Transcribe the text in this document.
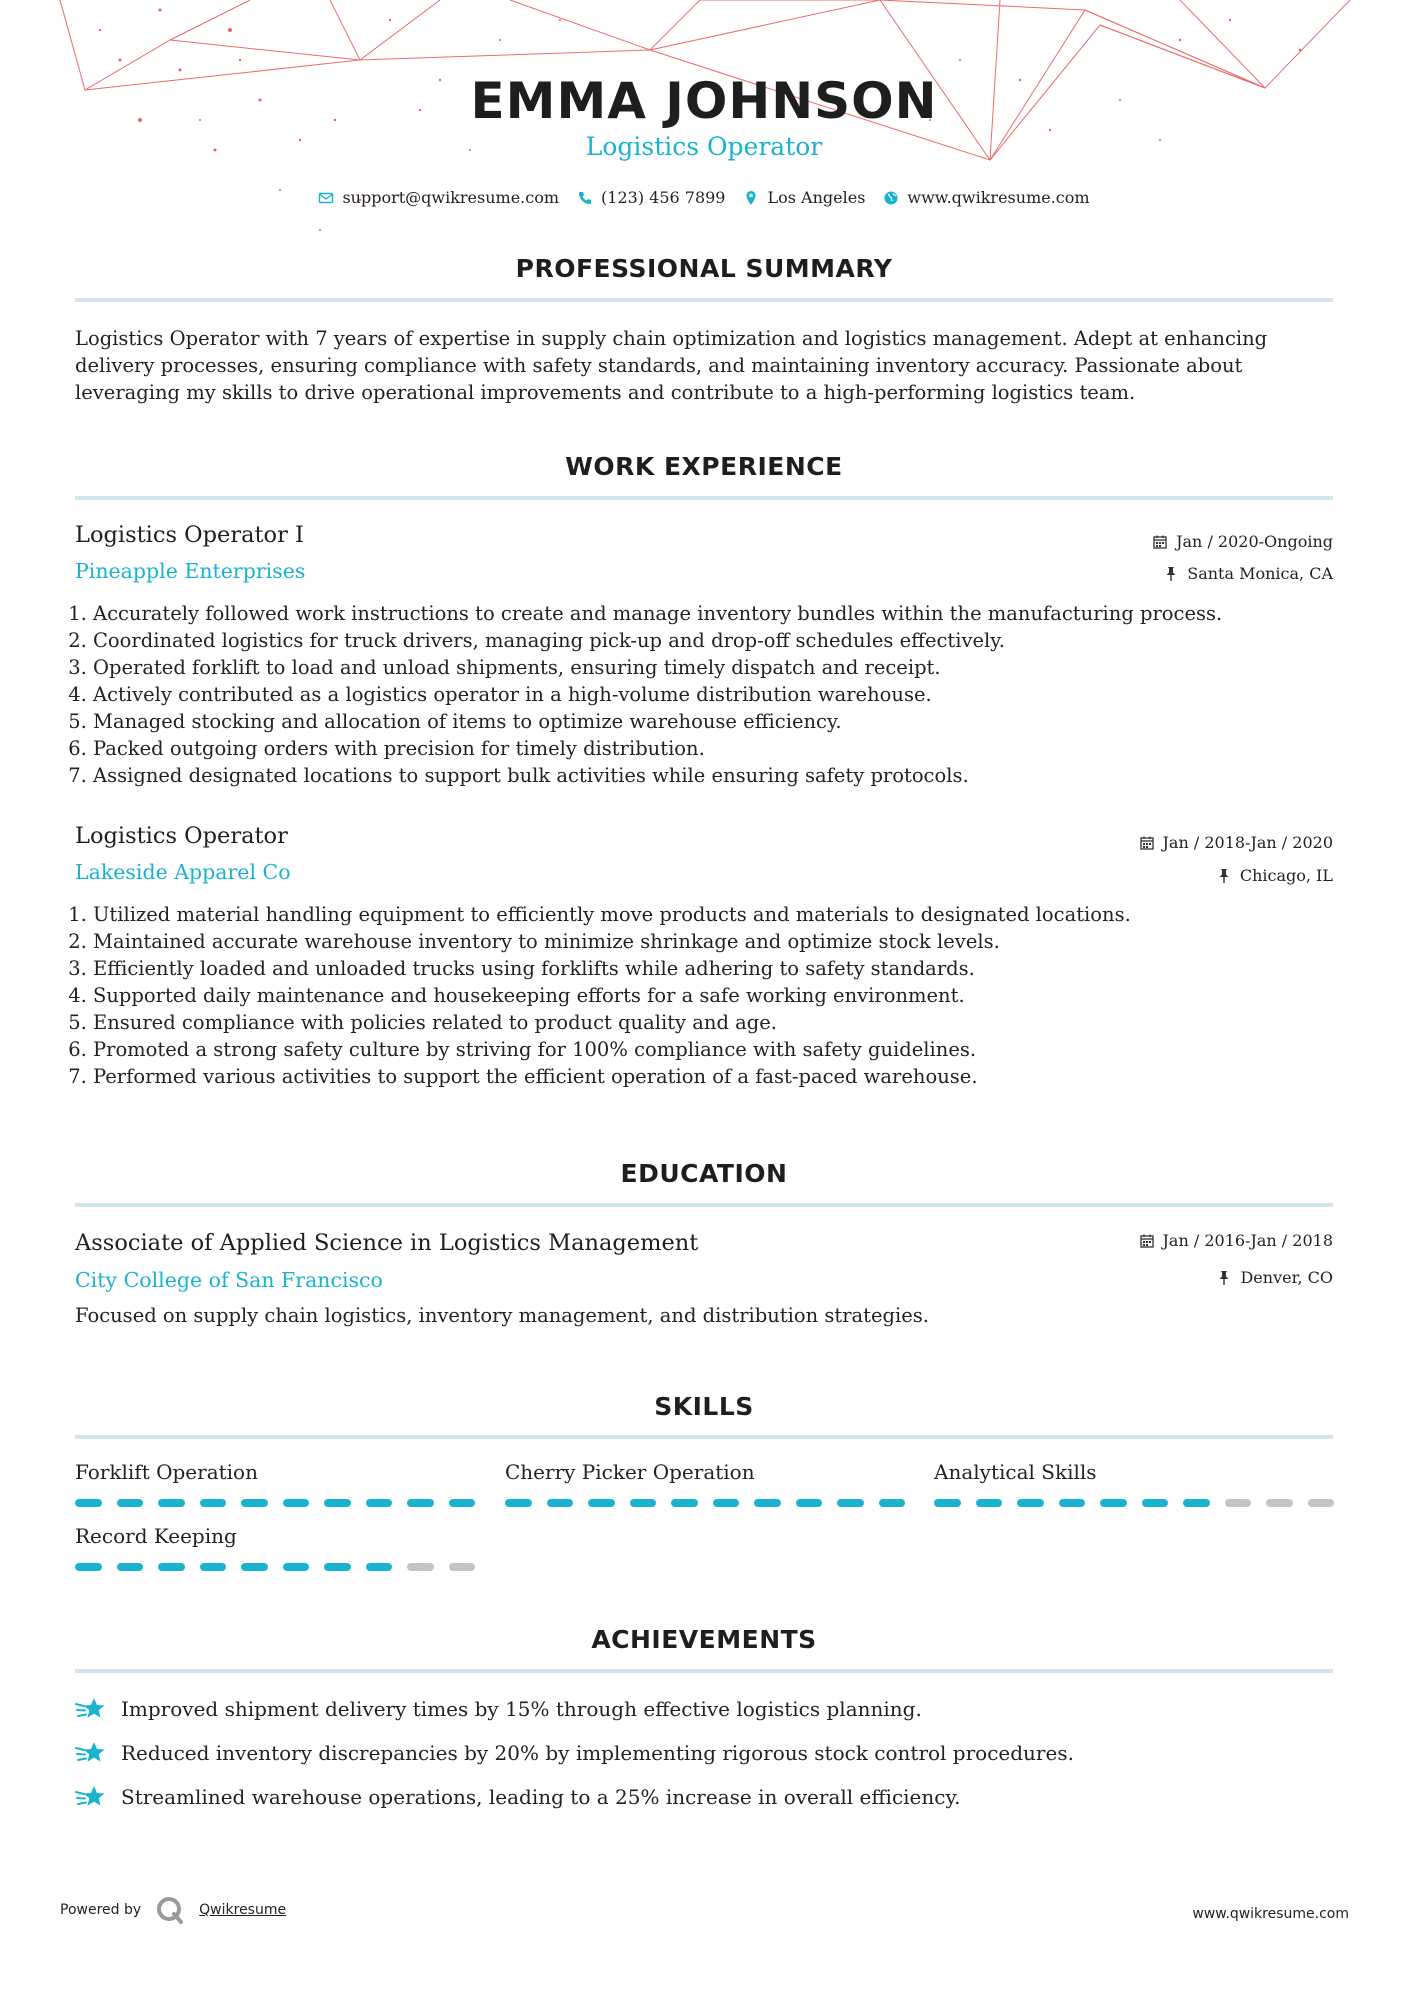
EMMA JOHNSON
Logistics Operator
support@qwikresume.com	(123) 456 7899	Los Angeles	www.qwikresume.com
PROFESSIONAL SUMMARY
Logistics Operator with 7 years of expertise in supply chain optimization and logistics management. Adept at enhancing delivery processes, ensuring compliance with safety standards, and maintaining inventory accuracy. Passionate about leveraging my skills to drive operational improvements and contribute to a high-performing logistics team.
WORK EXPERIENCE
Logistics Operator I
Pineapple Enterprises
Jan / 2020-Ongoing
Santa Monica, CA
1. Accurately followed work instructions to create and manage inventory bundles within the manufacturing process.
2. Coordinated logistics for truck drivers, managing pick-up and drop-off schedules effectively.
3. Operated forklift to load and unload shipments, ensuring timely dispatch and receipt.
4. Actively contributed as a logistics operator in a high-volume distribution warehouse.
5. Managed stocking and allocation of items to optimize warehouse efficiency.
6. Packed outgoing orders with precision for timely distribution.
7. Assigned designated locations to support bulk activities while ensuring safety protocols.
Logistics Operator
Lakeside Apparel Co
Jan / 2018-Jan / 2020
Chicago, IL
1. Utilized material handling equipment to efficiently move products and materials to designated locations.
2. Maintained accurate warehouse inventory to minimize shrinkage and optimize stock levels.
3. Efficiently loaded and unloaded trucks using forklifts while adhering to safety standards.
4. Supported daily maintenance and housekeeping efforts for a safe working environment.
5. Ensured compliance with policies related to product quality and age.
6. Promoted a strong safety culture by striving for 100% compliance with safety guidelines.
7. Performed various activities to support the efficient operation of a fast-paced warehouse.
EDUCATION
Associate of Applied Science in Logistics Management
City College of San Francisco
Jan / 2016-Jan / 2018
Denver, CO
Focused on supply chain logistics, inventory management, and distribution strategies.
SKILLS
Forklift Operation	Cherry Picker Operation	Analytical Skills
Record Keeping
ACHIEVEMENTS
Improved shipment delivery times by 15% through effective logistics planning.
Reduced inventory discrepancies by 20% by implementing rigorous stock control procedures.
Streamlined warehouse operations, leading to a 25% increase in overall efficiency.
Powered by	Qwikresume	www.qwikresume.com
